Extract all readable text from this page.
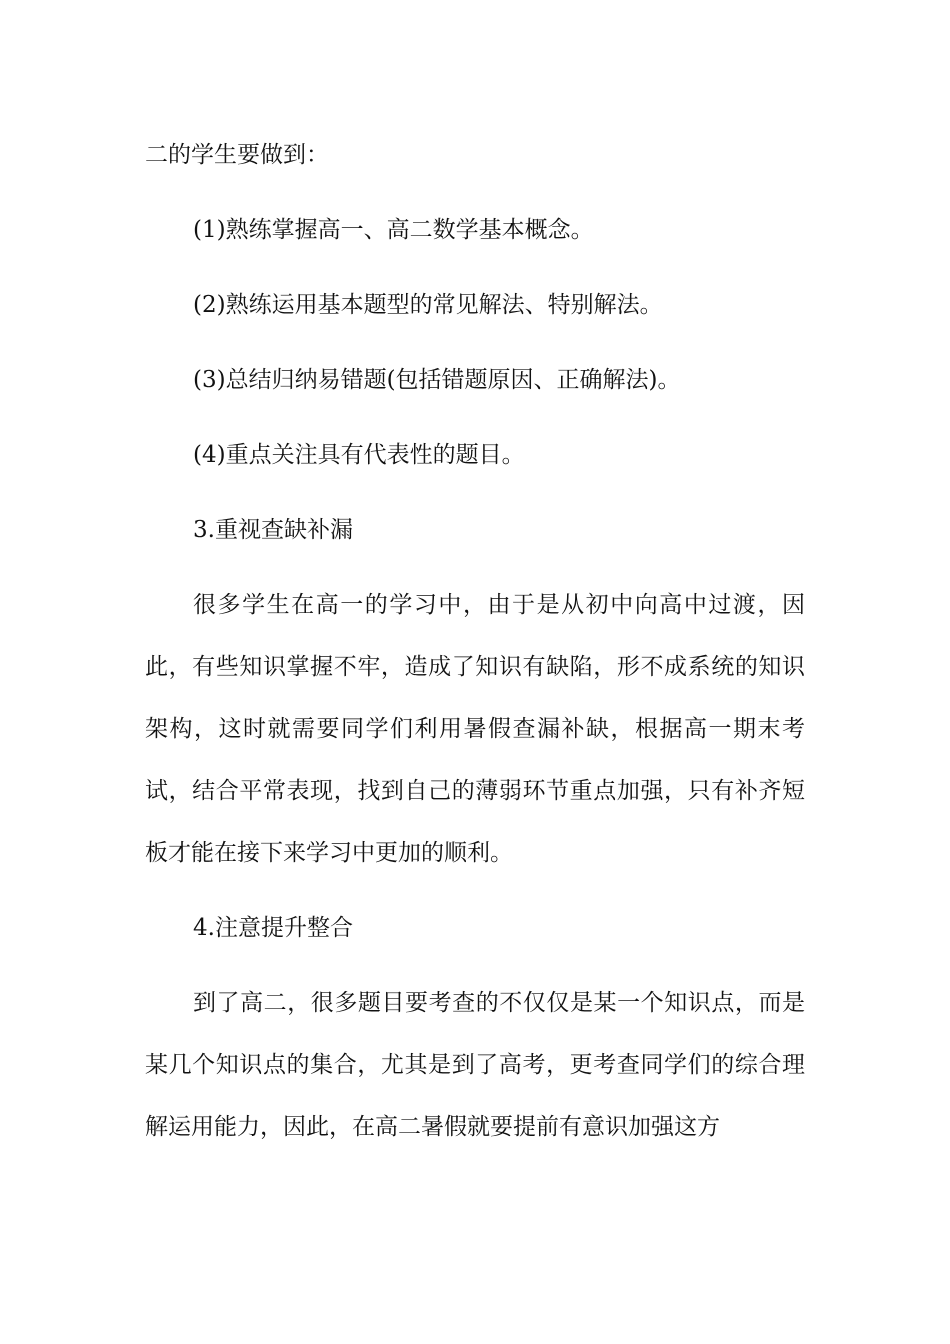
二的学生要做到：

(1)熟练掌握高一、高二数学基本概念。

(2)熟练运用基本题型的常见解法、特别解法。

(3)总结归纳易错题(包括错题原因、正确解法)。

(4)重点关注具有代表性的题目。

3.重视查缺补漏

很多学生在高一的学习中，由于是从初中向高中过渡，因此，有些知识掌握不牢，造成了知识有缺陷，形不成系统的知识架构，这时就需要同学们利用暑假查漏补缺，根据高一期末考试，结合平常表现，找到自己的薄弱环节重点加强，只有补齐短板才能在接下来学习中更加的顺利。

4.注意提升整合

到了高二，很多题目要考查的不仅仅是某一个知识点，而是某几个知识点的集合，尤其是到了高考，更考查同学们的综合理解运用能力，因此，在高二暑假就要提前有意识加强这方
